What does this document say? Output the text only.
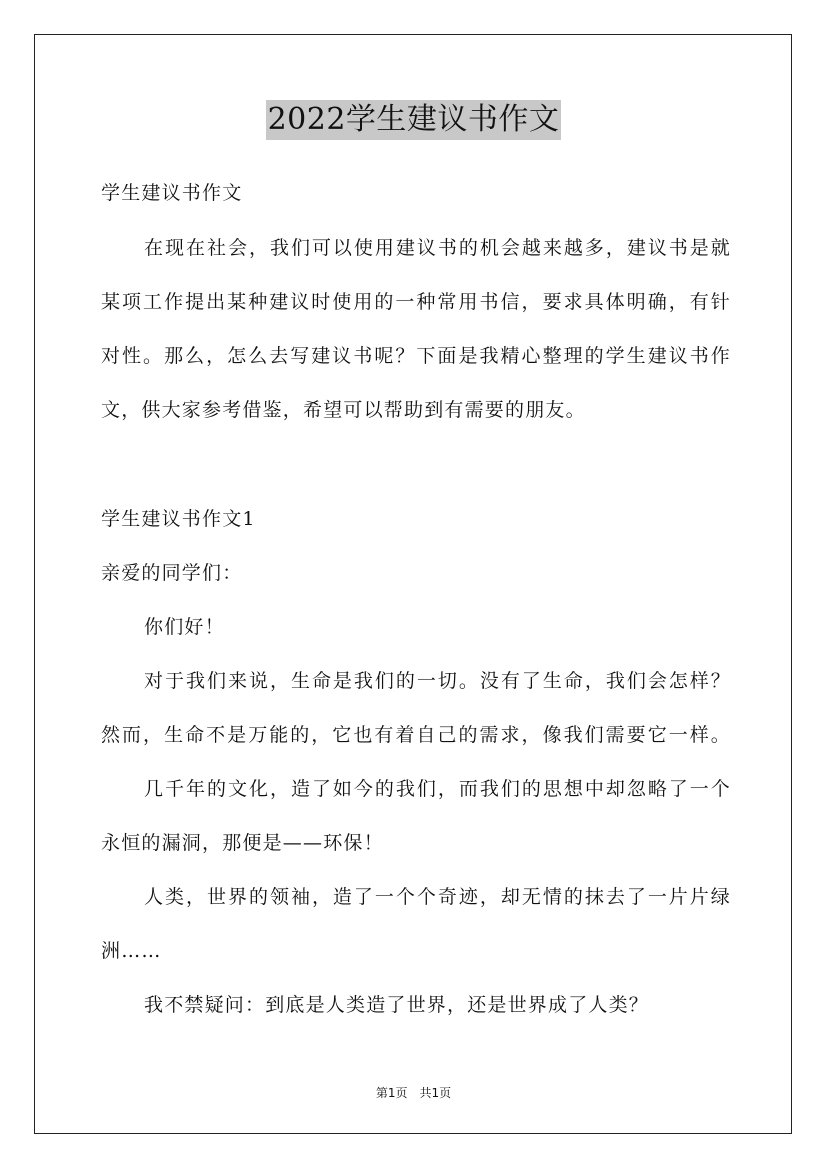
2022学生建议书作文
学生建议书作文
在现在社会，我们可以使用建议书的机会越来越多，建议书是就
某项工作提出某种建议时使用的一种常用书信，要求具体明确，有针
对性。那么，怎么去写建议书呢？下面是我精心整理的学生建议书作
文，供大家参考借鉴，希望可以帮助到有需要的朋友。
学生建议书作文1
亲爱的同学们：
你们好！
对于我们来说，生命是我们的一切。没有了生命，我们会怎样？
然而，生命不是万能的，它也有着自己的需求，像我们需要它一样。
几千年的文化，造了如今的我们，而我们的思想中却忽略了一个
永恒的漏洞，那便是——环保！
人类，世界的领袖，造了一个个奇迹，却无情的抹去了一片片绿
洲……
我不禁疑问：到底是人类造了世界，还是世界成了人类？
第1页　共1页
